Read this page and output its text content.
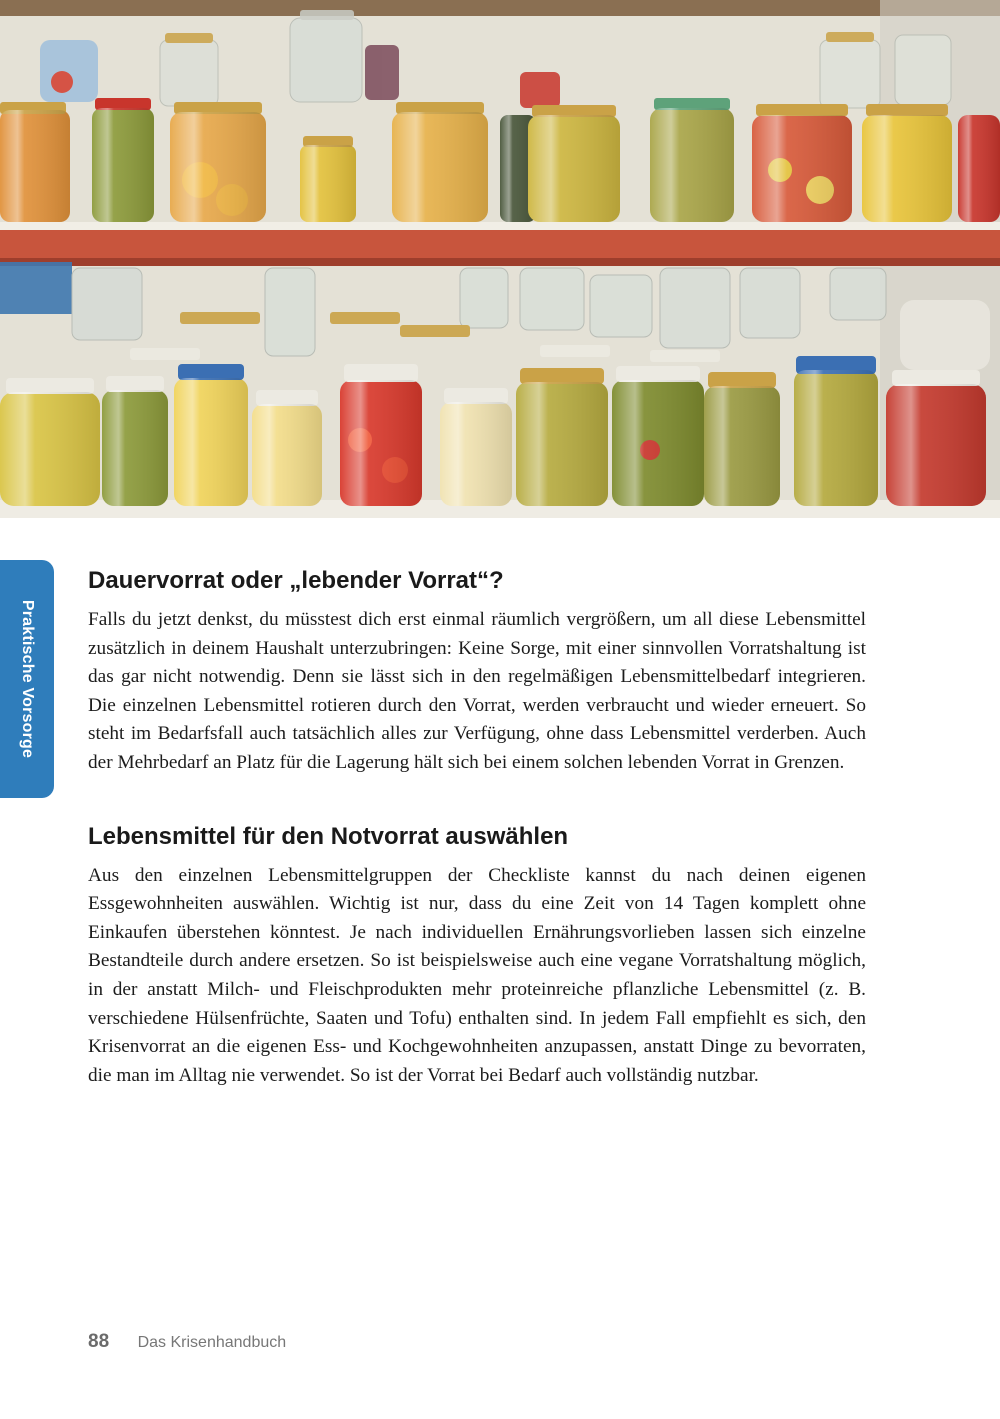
Praktische Vorsorge
Dauervorrat oder „lebender Vorrat“?

Falls du jetzt denkst, du müsstest dich erst einmal räumlich vergrößern, um all diese Lebensmittel zusätzlich in deinem Haushalt unterzubringen: Keine Sorge, mit einer sinnvollen Vorratshaltung ist das gar nicht notwendig. Denn sie lässt sich in den regelmäßigen Lebensmittelbedarf integrieren. Die einzelnen Lebensmittel rotieren durch den Vorrat, werden verbraucht und wieder erneuert. So steht im Bedarfsfall auch tatsächlich alles zur Verfügung, ohne dass Lebensmittel verderben. Auch der Mehrbedarf an Platz für die Lagerung hält sich bei einem solchen lebenden Vorrat in Grenzen.

Lebensmittel für den Notvorrat auswählen

Aus den einzelnen Lebensmittelgruppen der Checkliste kannst du nach deinen eigenen Essgewohnheiten auswählen. Wichtig ist nur, dass du eine Zeit von 14 Tagen komplett ohne Einkaufen überstehen könntest. Je nach individuellen Ernährungsvorlieben lassen sich einzelne Bestandteile durch andere ersetzen. So ist beispielsweise auch eine vegane Vorratshaltung möglich, in der anstatt Milch- und Fleischprodukten mehr proteinreiche pflanzliche Lebensmittel (z. B. verschiedene Hülsenfrüchte, Saaten und Tofu) enthalten sind. In jedem Fall empfiehlt es sich, den Krisenvorrat an die eigenen Ess- und Kochgewohnheiten anzupassen, anstatt Dinge zu bevorraten, die man im Alltag nie verwendet. So ist der Vorrat bei Bedarf auch vollständig nutzbar.

88 Das Krisenhandbuch
